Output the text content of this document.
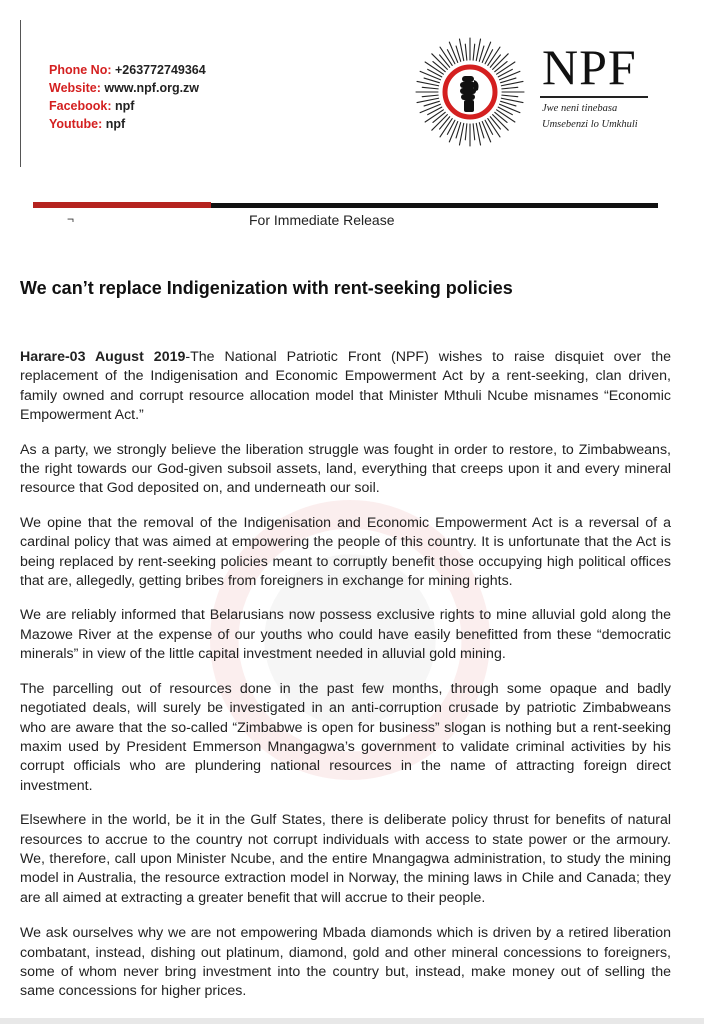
Phone No: +263772749364
Website: www.npf.org.zw
Facebook: npf
Youtube: npf
NPF
Jwe neni tinebasa
Umsebenzi lo Umkhuli
¬	For Immediate Release
We can’t replace Indigenization with rent-seeking policies

Harare-03 August 2019-The National Patriotic Front (NPF) wishes to raise disquiet over the replacement of the Indigenisation and Economic Empowerment Act by a rent-seeking, clan driven, family owned and corrupt resource allocation model that Minister Mthuli Ncube misnames “Economic Empowerment Act.”

As a party, we strongly believe the liberation struggle was fought in order to restore, to Zimbabweans, the right towards our God-given subsoil assets, land, everything that creeps upon it and every mineral resource that God deposited on, and underneath our soil.

We opine that the removal of the Indigenisation and Economic Empowerment Act is a reversal of a cardinal policy that was aimed at empowering the people of this country. It is unfortunate that the Act is being replaced by rent-seeking policies meant to corruptly benefit those occupying high political offices that are, allegedly, getting bribes from foreigners in exchange for mining rights.

We are reliably informed that Belarusians now possess exclusive rights to mine alluvial gold along the Mazowe River at the expense of our youths who could have easily benefitted from these “democratic minerals” in view of the little capital investment needed in alluvial gold mining.

The parcelling out of resources done in the past few months, through some opaque and badly negotiated deals, will surely be investigated in an anti-corruption crusade by patriotic Zimbabweans who are aware that the so-called “Zimbabwe is open for business” slogan is nothing but a rent-seeking maxim used by President Emmerson Mnangagwa’s government to validate criminal activities by his corrupt officials who are plundering national resources in the name of attracting foreign direct investment.

Elsewhere in the world, be it in the Gulf States, there is deliberate policy thrust for benefits of natural resources to accrue to the country not corrupt individuals with access to state power or the armoury. We, therefore, call upon Minister Ncube, and the entire Mnangagwa administration, to study the mining model in Australia, the resource extraction model in Norway, the mining laws in Chile and Canada; they are all aimed at extracting a greater benefit that will accrue to their people.

We ask ourselves why we are not empowering Mbada diamonds which is driven by a retired liberation combatant, instead, dishing out platinum, diamond, gold and other mineral concessions to foreigners, some of whom never bring investment into the country but, instead, make money out of selling the same concessions for higher prices.
